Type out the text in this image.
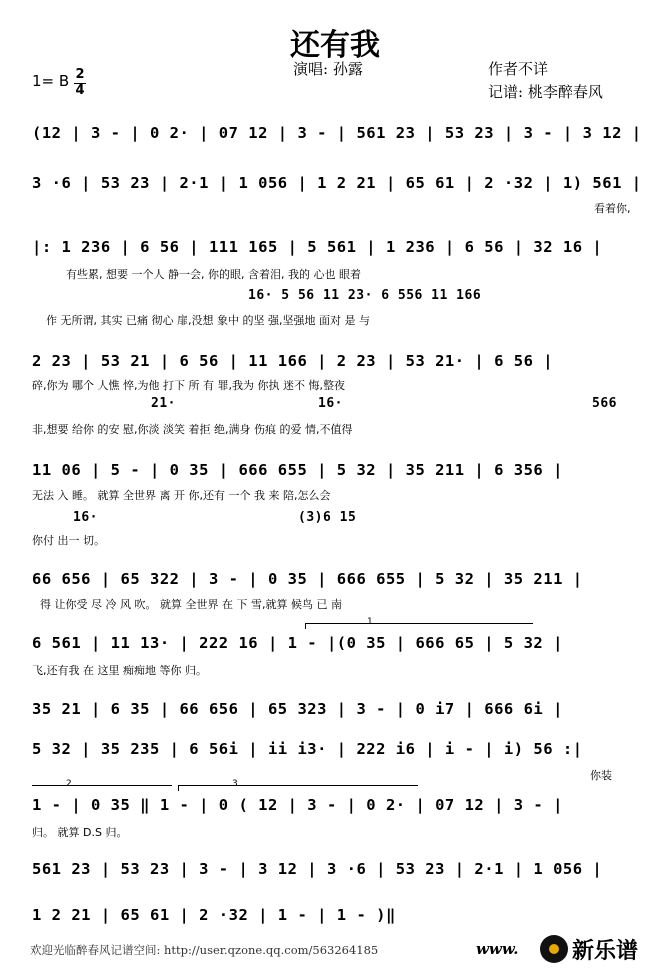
还有我
演唱: 孙露	作者不详
记谱: 桃李醉春风
1= B 2
4
(12 | 3 - | 0 2· | 07 12 | 3 - | 561 23 | 53 23 | 3 - | 3 12 |
3 ·6 | 53 23 | 2·1 | 1 056 | 1 2 21 | 65 61 | 2 ·32 | 1) 561 |
看着你,
|: 1 236 | 6 56 | 111 165 | 5 561 | 1 236 | 6 56 | 32 16 |
有些累, 想要 一个人 静一会, 你的眼, 含着泪, 我的 心也 眼着
16· 5 56 11 23· 6 556 11 166
作 无所谓, 其实 已痛 彻心 扉,没想 象中 的坚 强,坚强地 面对 是 与
2 23 | 53 21 | 6 56 | 11 166 | 2 23 | 53 21· | 6 56 |
碎,你为 哪个 人憔 悴,为他 打下 所 有 罪,我为 你执 迷不 悔,整夜
21·	16·	566
非,想要 给你 的安 慰,你淡 淡笑 着拒 绝,满身 伤痕 的爱 情,不值得
11 06 | 5 - | 0 35 | 666 655 | 5 32 | 35 211 | 6 356 |
无法 入 睡。 就算 全世界 离 开 你,还有 一个 我 来 陪,怎么会
16·	(3)6 15
你付 出一 切。
66 656 | 65 322 | 3 - | 0 35 | 666 655 | 5 32 | 35 211 |
得 让你受 尽 冷 风 吹。 就算 全世界 在 下 雪,就算 候鸟 已 南
1
6 561 | 11 13· | 222 16 | 1 - |(0 35 | 666 65 | 5 32 |
飞,还有我 在 这里 痴痴地 等你 归。
35 21 | 6 35 | 66 656 | 65 323 | 3 - | 0 i7 | 666 6i |
5 32 | 35 235 | 6 56i | ii i3· | 222 i6 | i - | i) 56 :|
你装
2	3
1 - | 0 35 ‖ 1 - | 0 ( 12 | 3 - | 0 2· | 07 12 | 3 - |
归。 就算 D.S 归。
561 23 | 53 23 | 3 - | 3 12 | 3 ·6 | 53 23 | 2·1 | 1 056 |
1 2 21 | 65 61 | 2 ·32 | 1 - | 1 - )‖
欢迎光临醉春风记谱空间: http://user.qzone.qq.com/563264185	www. 新乐谱
